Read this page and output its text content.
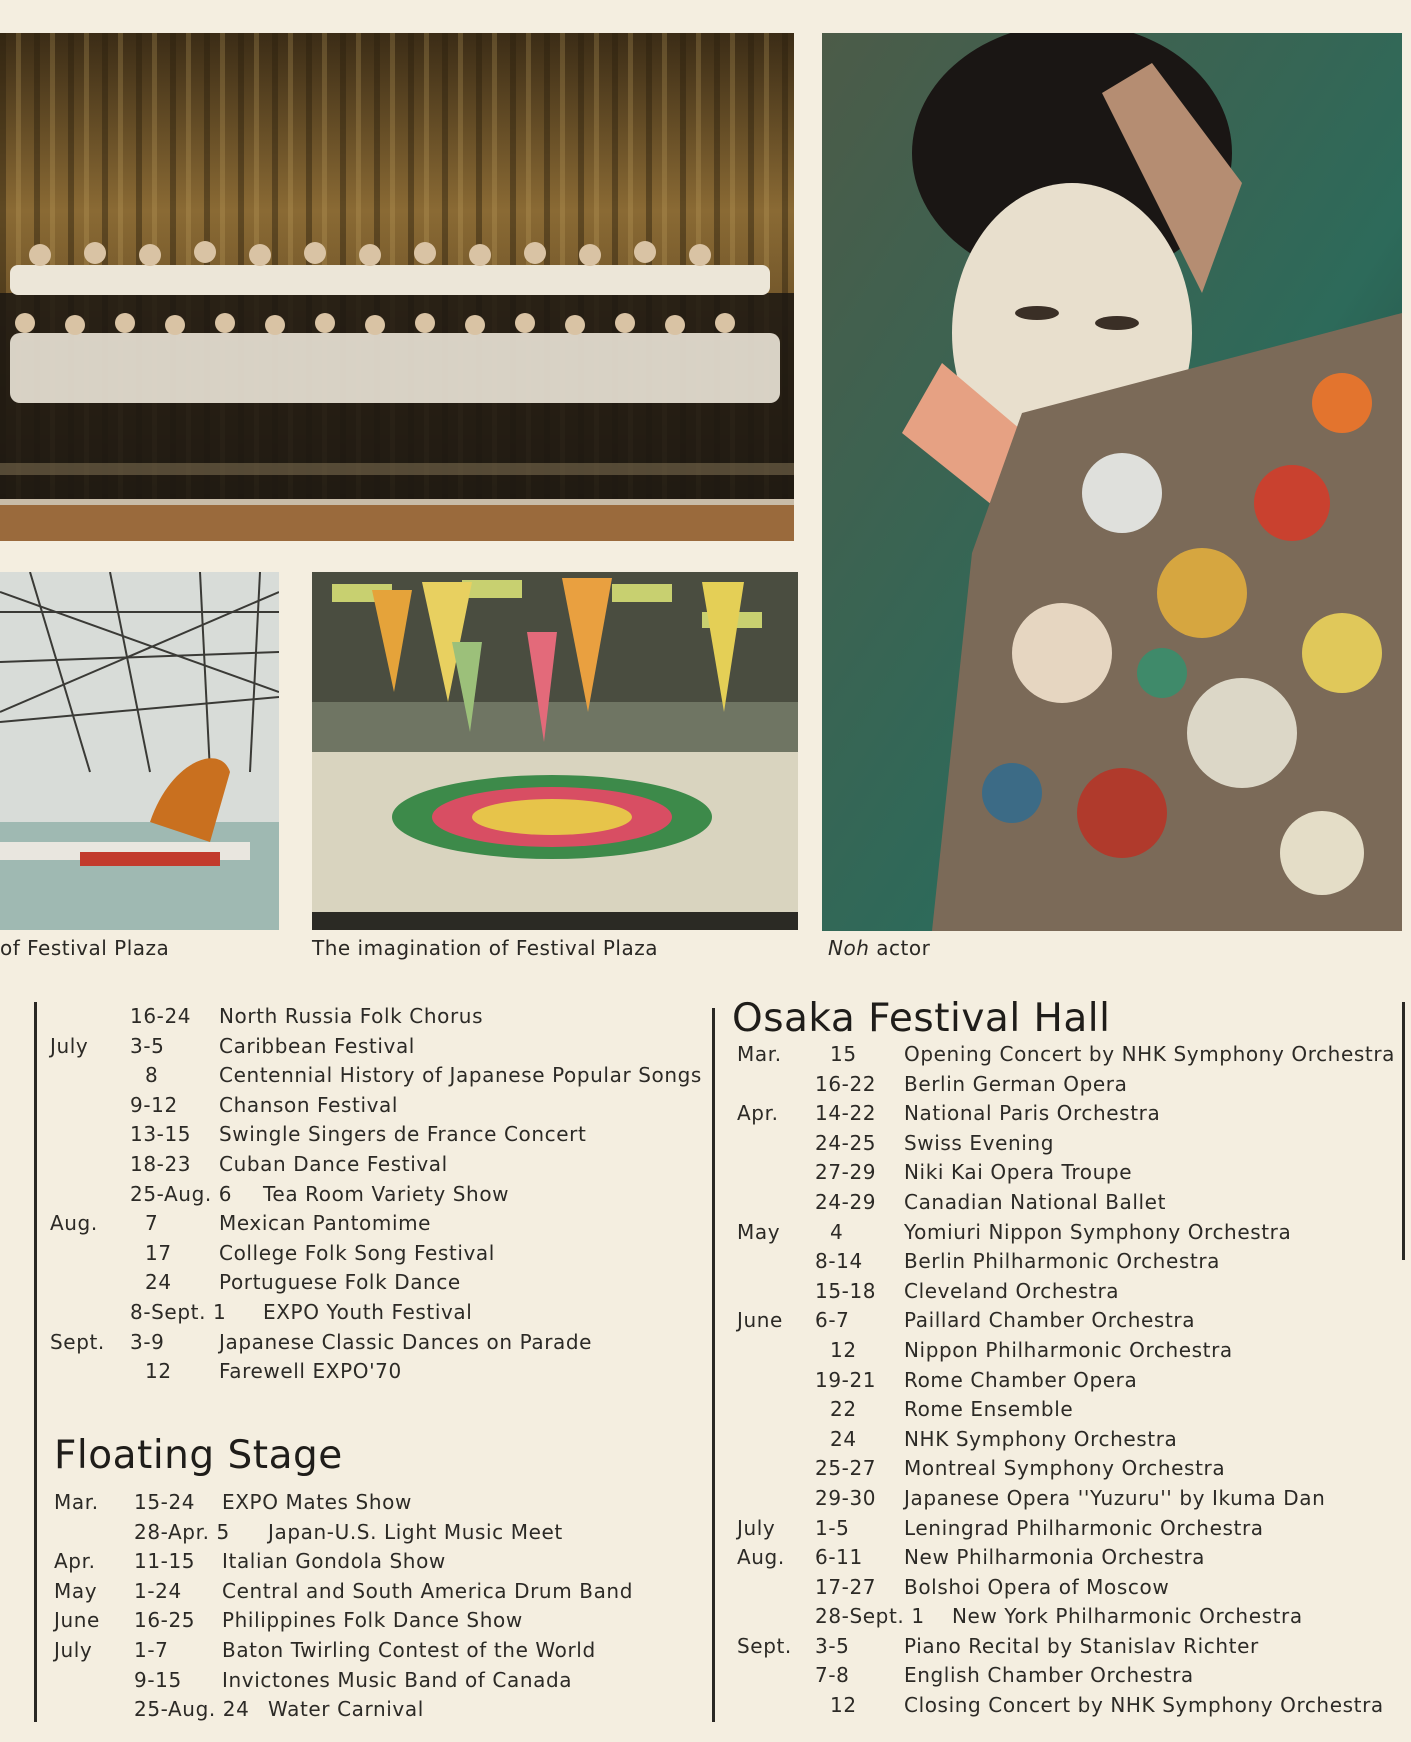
of Festival Plaza	The imagination of Festival Plaza	Noh actor
16-24 North Russia Folk Chorus
July 3-5	Caribbean Festival
8	Centennial History of Japanese Popular Songs
9-12 Chanson Festival
13-15 Swingle Singers de France Concert
18-23 Cuban Dance Festival
25-Aug. 6 Tea Room Variety Show
Aug. 7	Mexican Pantomime
17 College Folk Song Festival
24 Portuguese Folk Dance
8-Sept. 1 EXPO Youth Festival
Sept. 3-9	Japanese Classic Dances on Parade
12 Farewell EXPO'70
Floating Stage
Mar. 15-24 EXPO Mates Show
28-Apr. 5 Japan-U.S. Light Music Meet
Apr. 11-15 Italian Gondola Show
May 1-24 Central and South America Drum Band
June 16-25 Philippines Folk Dance Show
July 1-7	Baton Twirling Contest of the World
9-15 Invictones Music Band of Canada
25-Aug. 24 Water Carnival
Osaka Festival Hall
Mar. 15 Opening Concert by NHK Symphony Orchestra
16-22 Berlin German Opera
Apr. 14-22 National Paris Orchestra
24-25 Swiss Evening
27-29 Niki Kai Opera Troupe
24-29 Canadian National Ballet
May 4	Yomiuri Nippon Symphony Orchestra
8-14 Berlin Philharmonic Orchestra
15-18 Cleveland Orchestra
June 6-7	Paillard Chamber Orchestra
12 Nippon Philharmonic Orchestra
19-21 Rome Chamber Opera
22 Rome Ensemble
24 NHK Symphony Orchestra
25-27 Montreal Symphony Orchestra
29-30 Japanese Opera ''Yuzuru'' by Ikuma Dan
July 1-5	Leningrad Philharmonic Orchestra
Aug. 6-11 New Philharmonia Orchestra
17-27 Bolshoi Opera of Moscow
28-Sept. 1 New York Philharmonic Orchestra
Sept. 3-5	Piano Recital by Stanislav Richter
7-8	English Chamber Orchestra
12 Closing Concert by NHK Symphony Orchestra
